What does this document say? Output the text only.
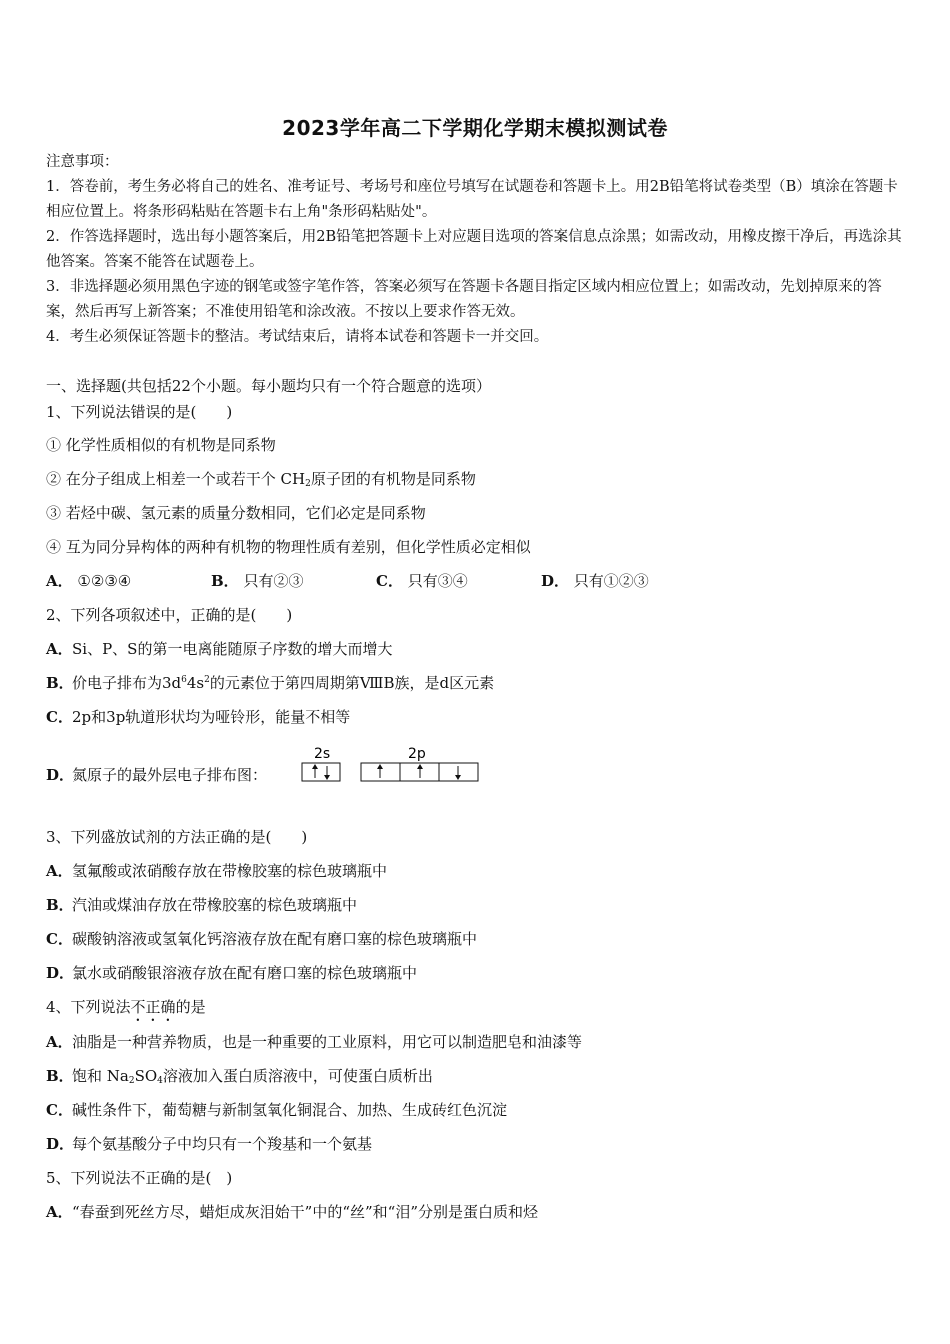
2023学年高二下学期化学期末模拟测试卷

注意事项：

1．答卷前，考生务必将自己的姓名、准考证号、考场号和座位号填写在试题卷和答题卡上。用2B铅笔将试卷类型（B）填涂在答题卡相应位置上。将条形码粘贴在答题卡右上角"条形码粘贴处"。

2．作答选择题时，选出每小题答案后，用2B铅笔把答题卡上对应题目选项的答案信息点涂黑；如需改动，用橡皮擦干净后，再选涂其他答案。答案不能答在试题卷上。

3．非选择题必须用黑色字迹的钢笔或签字笔作答，答案必须写在答题卡各题目指定区域内相应位置上；如需改动，先划掉原来的答案，然后再写上新答案；不准使用铅笔和涂改液。不按以上要求作答无效。

4．考生必须保证答题卡的整洁。考试结束后，请将本试卷和答题卡一并交回。

一、选择题(共包括22个小题。每小题均只有一个符合题意的选项）
1、下列说法错误的是(　　)
① 化学性质相似的有机物是同系物
② 在分子组成上相差一个或若干个 $CH_2$原子团的有机物是同系物
③ 若烃中碳、氢元素的质量分数相同，它们必定是同系物
④ 互为同分异构体的两种有机物的物理性质有差别，但化学性质必定相似
A． ①②③④	B． 只有②③	C． 只有③④	D． 只有①②③
2、下列各项叙述中，正确的是(　　)
A．Si、P、S的第一电离能随原子序数的增大而增大
B．价电子排布为$3d^64s^2$的元素位于第四周期第ⅧB族，是d区元素
C．2p和3p轨道形状均为哑铃形，能量不相等
D．氮原子的最外层电子排布图：
2s	2p
3、下列盛放试剂的方法正确的是(　　)
A．氢氟酸或浓硝酸存放在带橡胶塞的棕色玻璃瓶中
B．汽油或煤油存放在带橡胶塞的棕色玻璃瓶中
C．碳酸钠溶液或氢氧化钙溶液存放在配有磨口塞的棕色玻璃瓶中
D．氯水或硝酸银溶液存放在配有磨口塞的棕色玻璃瓶中
4、下列说法不正确的是
A．油脂是一种营养物质，也是一种重要的工业原料，用它可以制造肥皂和油漆等
B．饱和 $Na_2SO_4$溶液加入蛋白质溶液中，可使蛋白质析出
C．碱性条件下，葡萄糖与新制氢氧化铜混合、加热、生成砖红色沉淀
D．每个氨基酸分子中均只有一个羧基和一个氨基
5、下列说法不正确的是(　)
A．“春蚕到死丝方尽，蜡炬成灰泪始干”中的“丝”和“泪”分别是蛋白质和烃
